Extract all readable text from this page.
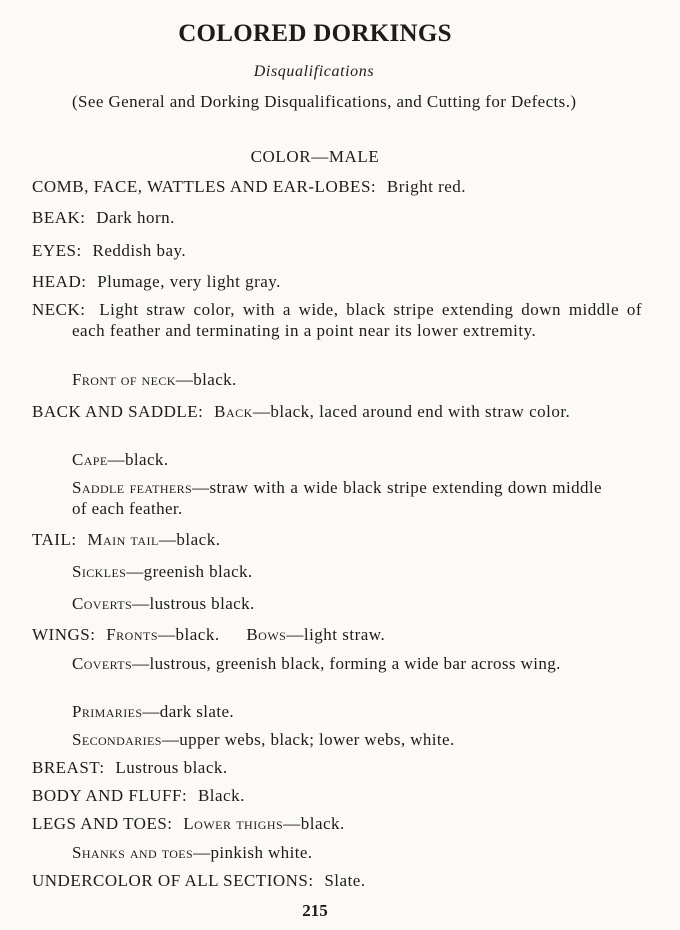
COLORED DORKINGS
Disqualifications
(See General and Dorking Disqualifications, and Cutting for Defects.)
COLOR—MALE
COMB, FACE, WATTLES AND EAR-LOBES: Bright red.
BEAK: Dark horn.
EYES: Reddish bay.
HEAD: Plumage, very light gray.
NECK: Light straw color, with a wide, black stripe extending down middle of each feather and terminating in a point near its lower extremity.
Front of neck—black.
BACK AND SADDLE: Back—black, laced around end with straw color.
Cape—black.
Saddle feathers—straw with a wide black stripe extending down middle of each feather.
TAIL: Main tail—black.
Sickles—greenish black.
Coverts—lustrous black.
WINGS: Fronts—black. Bows—light straw.
Coverts—lustrous, greenish black, forming a wide bar across wing.
Primaries—dark slate.
Secondaries—upper webs, black; lower webs, white.
BREAST: Lustrous black.
BODY AND FLUFF: Black.
LEGS AND TOES: Lower thighs—black.
Shanks and toes—pinkish white.
UNDERCOLOR OF ALL SECTIONS: Slate.
215
